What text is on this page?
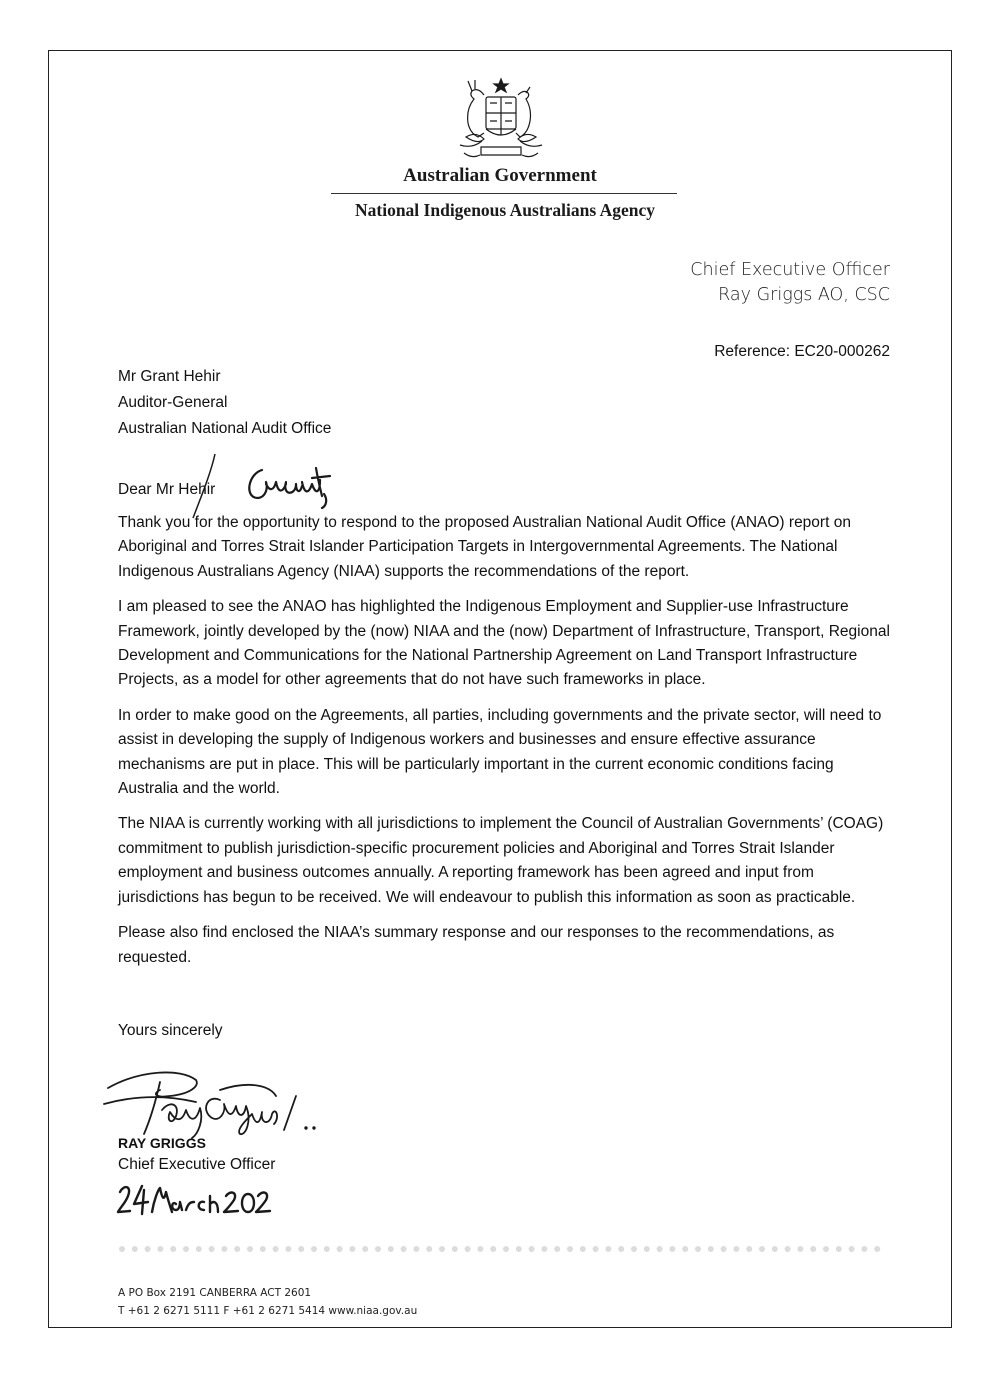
Australian Government
National Indigenous Australians Agency
Chief Executive Officer
Ray Griggs AO, CSC
Reference: EC20-000262
Mr Grant Hehir
Auditor-General
Australian National Audit Office
Dear Mr Hehir

Thank you for the opportunity to respond to the proposed Australian National Audit Office (ANAO) report on Aboriginal and Torres Strait Islander Participation Targets in Intergovernmental Agreements. The National Indigenous Australians Agency (NIAA) supports the recommendations of the report.

I am pleased to see the ANAO has highlighted the Indigenous Employment and Supplier-use Infrastructure Framework, jointly developed by the (now) NIAA and the (now) Department of Infrastructure, Transport, Regional Development and Communications for the National Partnership Agreement on Land Transport Infrastructure Projects, as a model for other agreements that do not have such frameworks in place.

In order to make good on the Agreements, all parties, including governments and the private sector, will need to assist in developing the supply of Indigenous workers and businesses and ensure effective assurance mechanisms are put in place. This will be particularly important in the current economic conditions facing Australia and the world.

The NIAA is currently working with all jurisdictions to implement the Council of Australian Governments’ (COAG) commitment to publish jurisdiction-specific procurement policies and Aboriginal and Torres Strait Islander employment and business outcomes annually. A reporting framework has been agreed and input from jurisdictions has begun to be received. We will endeavour to publish this information as soon as practicable.

Please also find enclosed the NIAA’s summary response and our responses to the recommendations, as requested.

Yours sincerely
RAY GRIGGS
Chief Executive Officer
A PO Box 2191 CANBERRA ACT 2601
T +61 2 6271 5111 F +61 2 6271 5414 www.niaa.gov.au
